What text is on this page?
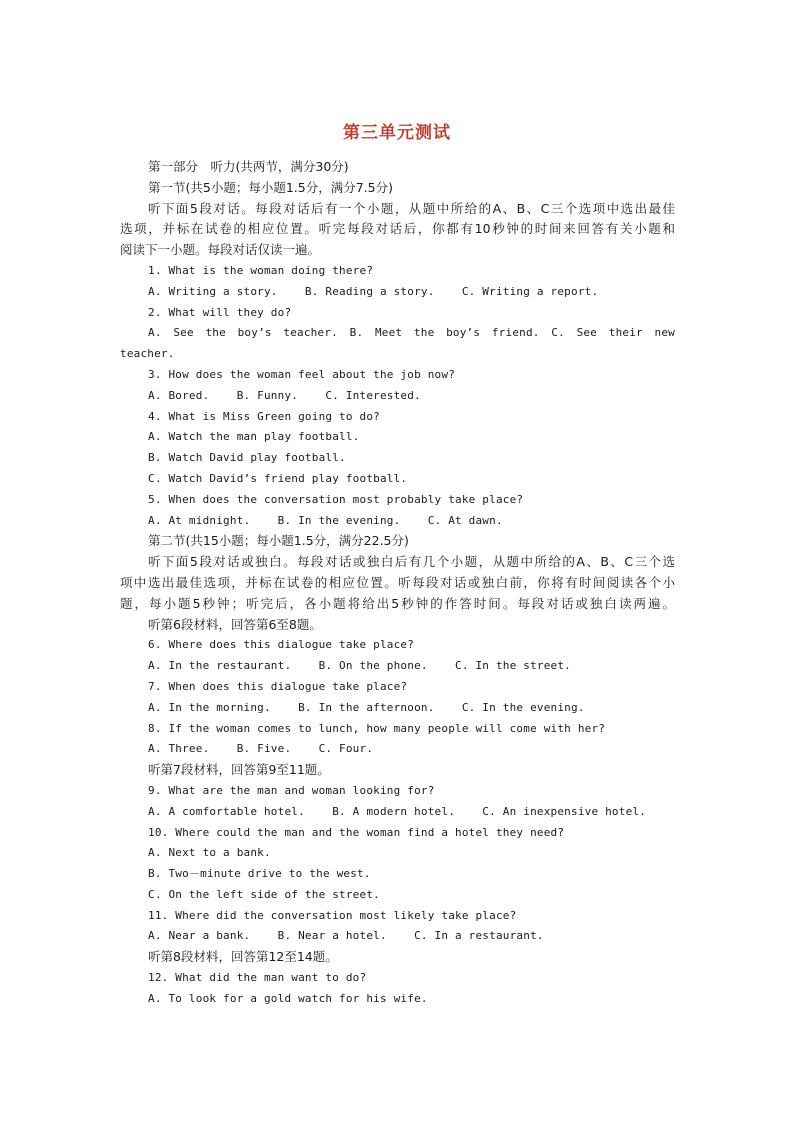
第三单元测试
第一部分　听力(共两节，满分30分)
第一节(共5小题；每小题1.5分，满分7.5分)
听下面5段对话。每段对话后有一个小题，从题中所给的A、B、C三个选项中选出最佳
选项，并标在试卷的相应位置。听完每段对话后，你都有10秒钟的时间来回答有关小题和
阅读下一小题。每段对话仅读一遍。
1. What is the woman doing there?
A. Writing a story.    B. Reading a story.    C. Writing a report.
2. What will they do?
A. See the boy’s teacher. B. Meet the boy’s friend. C. See their new
teacher.
3. How does the woman feel about the job now?
A. Bored.    B. Funny.    C. Interested.
4. What is Miss Green going to do?
A. Watch the man play football.
B. Watch David play football.
C. Watch David’s friend play football.
5. When does the conversation most probably take place?
A. At midnight.    B. In the evening.    C. At dawn.
第二节(共15小题；每小题1.5分，满分22.5分)
听下面5段对话或独白。每段对话或独白后有几个小题，从题中所给的A、B、C三个选
项中选出最佳选项，并标在试卷的相应位置。听每段对话或独白前，你将有时间阅读各个小
题，每小题5秒钟；听完后，各小题将给出5秒钟的作答时间。每段对话或独白读两遍。
听第6段材料，回答第6至8题。
6. Where does this dialogue take place?
A. In the restaurant.    B. On the phone.    C. In the street.
7. When does this dialogue take place?
A. In the morning.    B. In the afternoon.    C. In the evening.
8. If the woman comes to lunch, how many people will come with her?
A. Three.    B. Five.    C. Four.
听第7段材料，回答第9至11题。
9. What are the man and woman looking for?
A. A comfortable hotel.    B. A modern hotel.    C. An inexpensive hotel.
10. Where could the man and the woman find a hotel they need?
A. Next to a bank.
B. Two－minute drive to the west.
C. On the left side of the street.
11. Where did the conversation most likely take place?
A. Near a bank.    B. Near a hotel.    C. In a restaurant.
听第8段材料，回答第12至14题。
12. What did the man want to do?
A. To look for a gold watch for his wife.
